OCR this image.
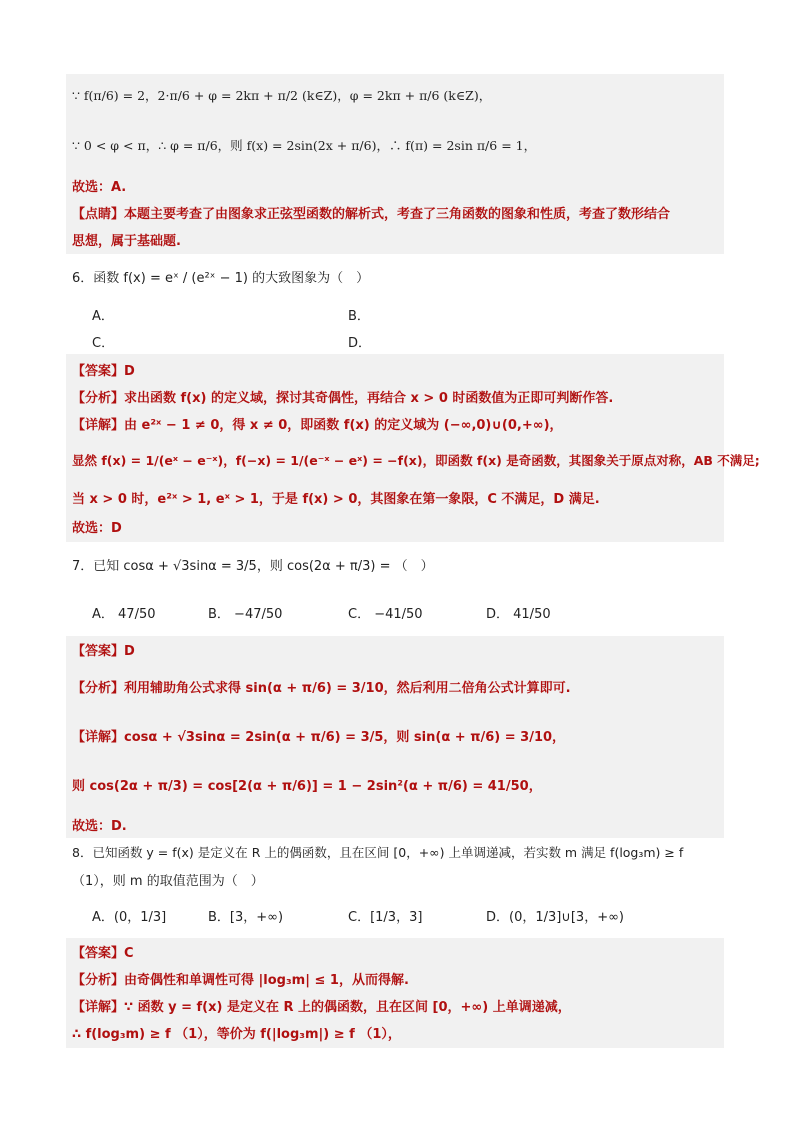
∵ f(π/6) = 2，2·π/6 + φ = 2kπ + π/2 (k∈Z)，φ = 2kπ + π/6 (k∈Z)，
∵ 0 < φ < π，∴ φ = π/6，则 f(x) = 2sin(2x + π/6)，∴ f(π) = 2sin π/6 = 1，
故选：A.
【点睛】本题主要考查了由图象求正弦型函数的解析式，考查了三角函数的图象和性质，考查了数形结合
思想，属于基础题.
6．函数 f(x) = eˣ / (e²ˣ − 1) 的大致图象为（　）
A．	B．
C．	D．
【答案】D
【分析】求出函数 f(x) 的定义域，探讨其奇偶性，再结合 x > 0 时函数值为正即可判断作答.
【详解】由 e²ˣ − 1 ≠ 0，得 x ≠ 0，即函数 f(x) 的定义域为 (−∞,0)∪(0,+∞)，
显然 f(x) = 1/(eˣ − e⁻ˣ)，f(−x) = 1/(e⁻ˣ − eˣ) = −f(x)，即函数 f(x) 是奇函数，其图象关于原点对称，AB 不满足;
当 x > 0 时，e²ˣ > 1, eˣ > 1，于是 f(x) > 0，其图象在第一象限，C 不满足，D 满足.
故选：D
7．已知 cosα + √3sinα = 3/5，则 cos(2α + π/3) = （　）
A． 47/50	B． −47/50	C． −41/50	D． 41/50
【答案】D
【分析】利用辅助角公式求得 sin(α + π/6) = 3/10，然后利用二倍角公式计算即可.
【详解】cosα + √3sinα = 2sin(α + π/6) = 3/5，则 sin(α + π/6) = 3/10，
则 cos(2α + π/3) = cos[2(α + π/6)] = 1 − 2sin²(α + π/6) = 41/50，
故选：D.
8．已知函数 y = f(x) 是定义在 R 上的偶函数，且在区间 [0，+∞) 上单调递减，若实数 m 满足 f(log₃m) ≥ f
（1），则 m 的取值范围为（　）
A．(0，1/3]	B．[3，+∞)	C．[1/3，3]	D．(0，1/3]∪[3，+∞)
【答案】C
【分析】由奇偶性和单调性可得 |log₃m| ≤ 1，从而得解.
【详解】∵ 函数 y = f(x) 是定义在 R 上的偶函数，且在区间 [0，+∞) 上单调递减，
∴ f(log₃m) ≥ f （1），等价为 f(|log₃m|) ≥ f （1），
